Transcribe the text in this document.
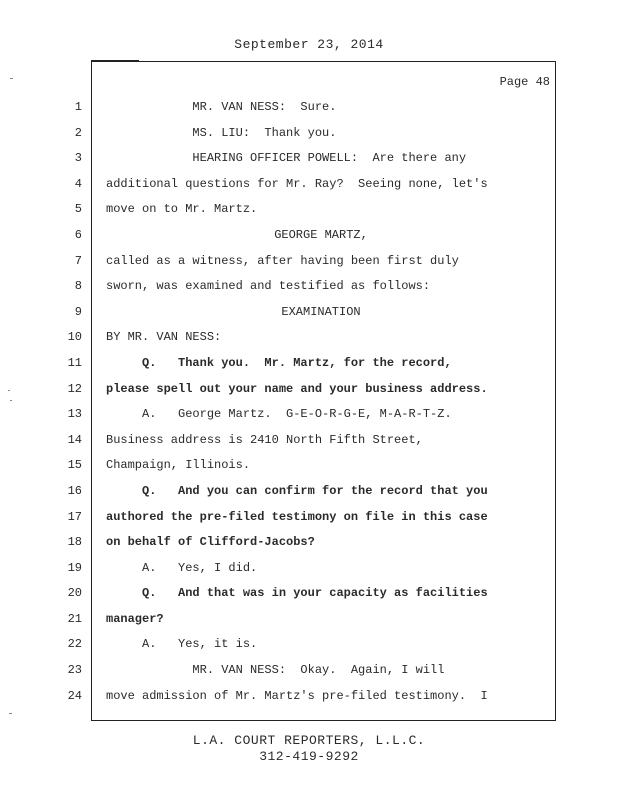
September 23, 2014
Page 48
1
2
3
4
5
6
7
8
9
10
11
12
13
14
15
16
17
18
19
20
21
22
23
24
MR. VAN NESS:  Sure.
MS. LIU:  Thank you.
HEARING OFFICER POWELL:  Are there any
additional questions for Mr. Ray?  Seeing none, let's
move on to Mr. Martz.
GEORGE MARTZ,
called as a witness, after having been first duly
sworn, was examined and testified as follows:
EXAMINATION
BY MR. VAN NESS:
Q.   Thank you.  Mr. Martz, for the record,
please spell out your name and your business address.
A.   George Martz.  G-E-O-R-G-E, M-A-R-T-Z.
Business address is 2410 North Fifth Street,
Champaign, Illinois.
Q.   And you can confirm for the record that you
authored the pre-filed testimony on file in this case
on behalf of Clifford-Jacobs?
A.   Yes, I did.
Q.   And that was in your capacity as facilities
manager?
A.   Yes, it is.
MR. VAN NESS:  Okay.  Again, I will
move admission of Mr. Martz's pre-filed testimony.  I
L.A. COURT REPORTERS, L.L.C.
312-419-9292
